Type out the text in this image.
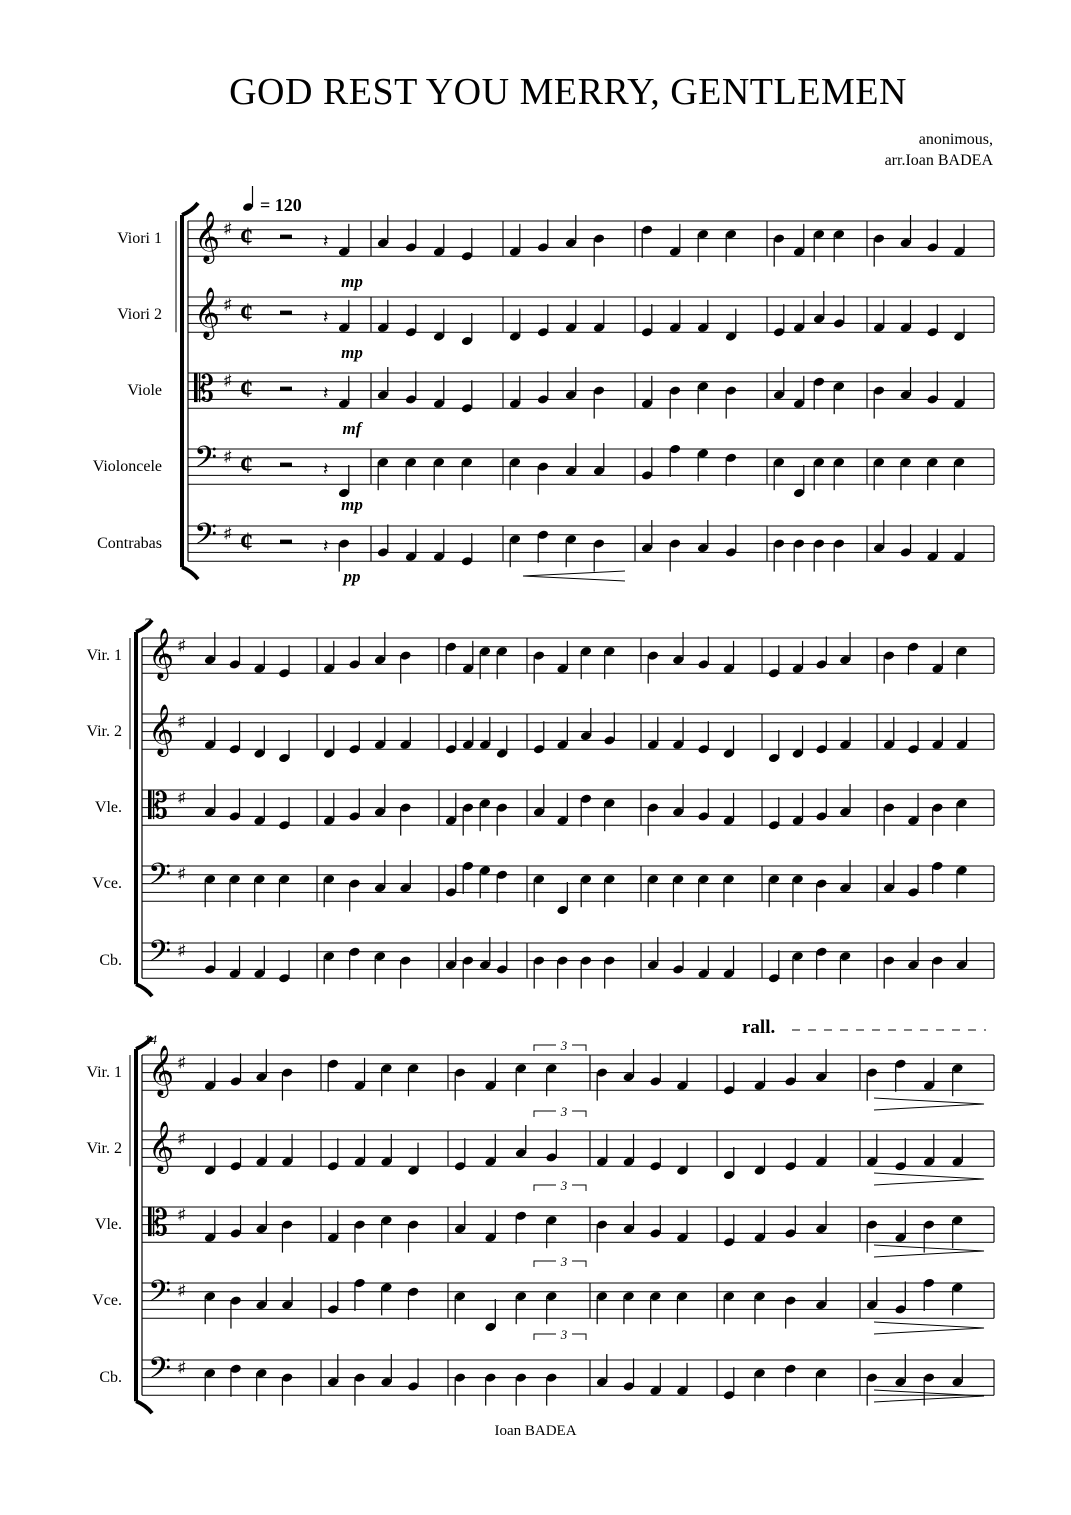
GOD REST YOU MERRY, GENTLEMEN
anonimous,
arr.Ioan BADEA
𝄞 ♯ ¢	𝄽
𝄞 ♯ ¢	𝄽
𝄡 ♯ ¢	𝄽
𝄢 ♯ ¢	𝄽
𝄢 ♯ ¢	𝄽
Viori 1
Viori 2
Viole
Violoncele
Contrabas
𝄞 ♯
𝄞 ♯
𝄡 ♯
𝄢 ♯
𝄢 ♯
Vir. 1
Vir. 2
Vle.
Vce.
Cb.
𝄞 ♯
𝄞 ♯
𝄡 ♯
𝄢 ♯
𝄢 ♯
Vir. 1
Vir. 2
Vle.
Vce.
Cb.
mp
mp
mf
mp
pp
= 120
7
14	3
3
3
3
3
rall.
Ioan BADEA
